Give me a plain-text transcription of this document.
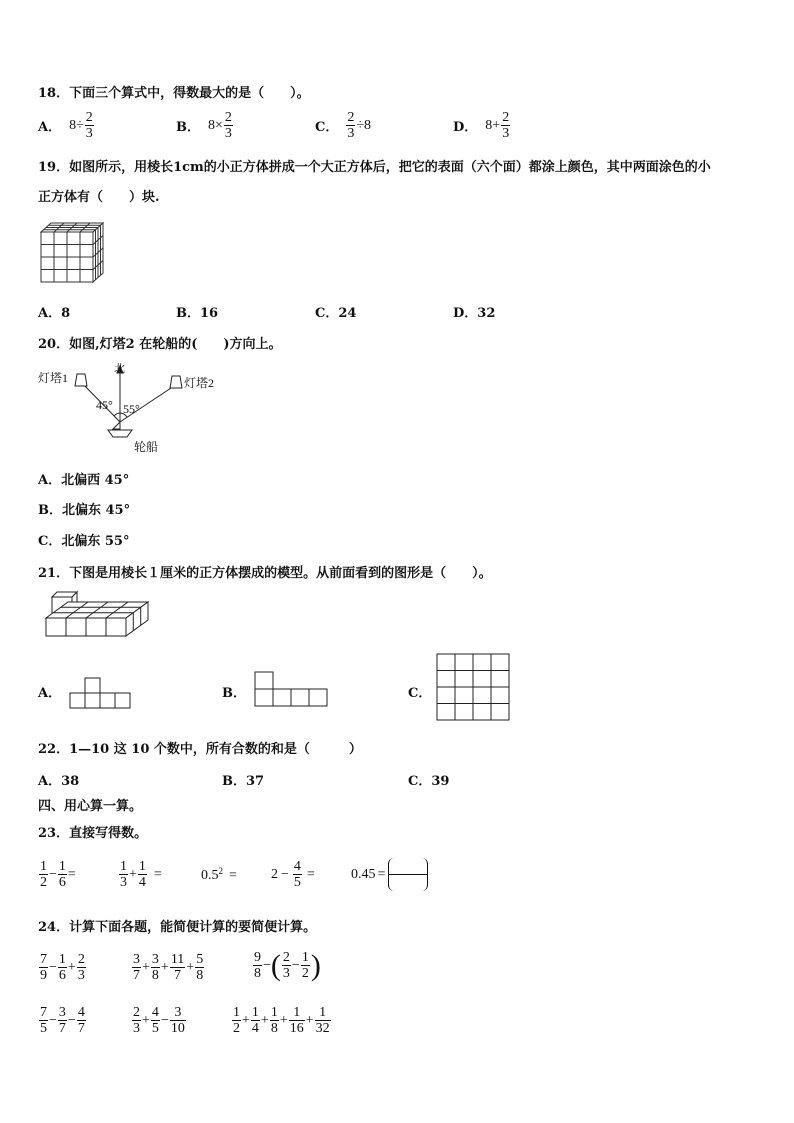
18．下面三个算式中，得数最大的是（　　）。
A． $8 \div \frac{2}{3}$	B． $8 \times \frac{2}{3}$	C． $\frac{2}{3} \div 8$	D． $8 + \frac{2}{3}$
19．如图所示，用棱长1cm的小正方体拼成一个大正方体后，把它的表面（六个面）都涂上颜色，其中两面涂色的小
正方体有（　　）块.
A．8	B．16	C．24	D．32
20．如图,灯塔2 在轮船的(　　)方向上。
灯塔1	灯塔2
北
45° 55°
轮船
A．北偏西 45°
B．北偏东 45°
C．北偏东 55°
21．下图是用棱长１厘米的正方体摆成的模型。从前面看到的图形是（　　）。
A．	B．	C．
22．1—10 这 10 个数中，所有合数的和是（　　　）
A．38	B．37	C．39
四、用心算一算。
23．直接写得数。
$\frac{1}{2} - \frac{1}{6}$ =	$\frac{1}{3} + \frac{1}{4}$ =	$0.5^2 = 2 - \frac{4}{5}$ =	0.45 =
24．计算下面各题，能简便计算的要简便计算。
$\frac{7}{9} - \frac{1}{6} + \frac{2}{3}$	$\frac{3}{7} + \frac{3}{8} + \frac{11}{7} + \frac{5}{8}$	$\frac{9}{8}$ − ( $\frac{2}{3} - \frac{1}{2}$ )
$\frac{7}{5} - \frac{3}{7} - \frac{4}{7}$	$\frac{2}{3} + \frac{4}{5} - \frac{3}{10}$	$\frac{1}{2} + \frac{1}{4} + \frac{1}{8} + \frac{1}{16} + \frac{1}{32}$
